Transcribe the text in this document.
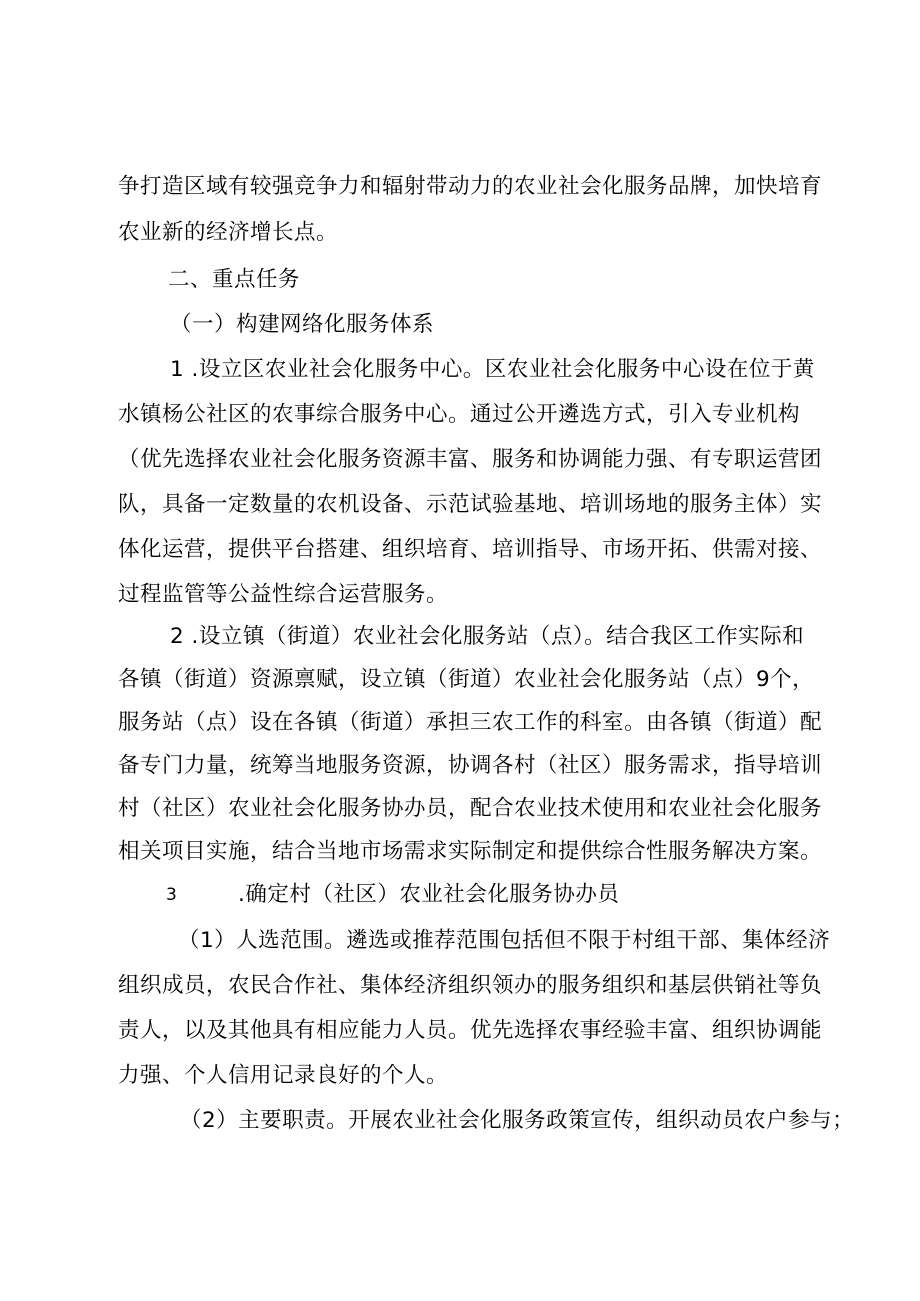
争打造区域有较强竞争力和辐射带动力的农业社会化服务品牌，加快培育
农业新的经济增长点。
二、重点任务
（一）构建网络化服务体系
1 .设立区农业社会化服务中心。区农业社会化服务中心设在位于黄
水镇杨公社区的农事综合服务中心。通过公开遴选方式，引入专业机构
（优先选择农业社会化服务资源丰富、服务和协调能力强、有专职运营团
队，具备一定数量的农机设备、示范试验基地、培训场地的服务主体）实
体化运营，提供平台搭建、组织培育、培训指导、市场开拓、供需对接、
过程监管等公益性综合运营服务。
2 .设立镇（街道）农业社会化服务站（点）。结合我区工作实际和
各镇（街道）资源禀赋，设立镇（街道）农业社会化服务站（点）9个，
服务站（点）设在各镇（街道）承担三农工作的科室。由各镇（街道）配
备专门力量，统筹当地服务资源，协调各村（社区）服务需求，指导培训
村（社区）农业社会化服务协办员，配合农业技术使用和农业社会化服务
相关项目实施，结合当地市场需求实际制定和提供综合性服务解决方案。
3	.确定村（社区）农业社会化服务协办员
（1）人选范围。遴选或推荐范围包括但不限于村组干部、集体经济
组织成员，农民合作社、集体经济组织领办的服务组织和基层供销社等负
责人，以及其他具有相应能力人员。优先选择农事经验丰富、组织协调能
力强、个人信用记录良好的个人。
（2）主要职责。开展农业社会化服务政策宣传，组织动员农户参与；
